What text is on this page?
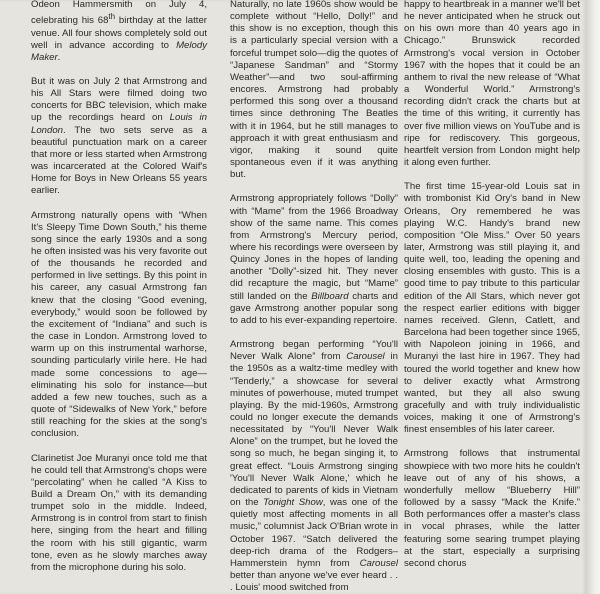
Odeon Hammersmith on July 4, celebrating his 68th birthday at the latter venue. All four shows completely sold out well in advance according to Melody Maker.

But it was on July 2 that Armstrong and his All Stars were filmed doing two concerts for BBC television, which make up the recordings heard on Louis in London. The two sets serve as a beautiful punctuation mark on a career that more or less started when Armstrong was incarcerated at the Colored Waif's Home for Boys in New Orleans 55 years earlier.

Armstrong naturally opens with “When It's Sleepy Time Down South,” his theme song since the early 1930s and a song he often insisted was his very favorite out of the thousands he recorded and performed in live settings. By this point in his career, any casual Armstrong fan knew that the closing “Good evening, everybody,” would soon be followed by the excitement of “Indiana” and such is the case in London. Armstrong loved to warm up on this instrumental warhorse, sounding particularly virile here. He had made some concessions to age—eliminating his solo for instance—but added a few new touches, such as a quote of “Sidewalks of New York,” before still reaching for the skies at the song's conclusion.

Clarinetist Joe Muranyi once told me that he could tell that Armstrong's chops were “percolating” when he called “A Kiss to Build a Dream On,” with its demanding trumpet solo in the middle. Indeed, Armstrong is in control from start to finish here, singing from the heart and filling the room with his still gigantic, warm tone, even as he slowly marches away from the microphone during his solo.

Naturally, no late 1960s show would be complete without “Hello, Dolly!” and this show is no exception, though this is a particularly special version with a forceful trumpet solo—dig the quotes of “Japanese Sandman” and “Stormy Weather”—and two soul-affirming encores. Armstrong had probably performed this song over a thousand times since dethroning The Beatles with it in 1964, but he still manages to approach it with great enthusiasm and vigor, making it sound quite spontaneous even if it was anything but.

Armstrong appropriately follows “Dolly” with “Mame” from the 1966 Broadway show of the same name. This comes from Armstrong's Mercury period, where his recordings were overseen by Quincy Jones in the hopes of landing another “Dolly”-sized hit. They never did recapture the magic, but “Mame” still landed on the Billboard charts and gave Armstrong another popular song to add to his ever-expanding repertoire.

Armstrong began performing “You'll Never Walk Alone” from Carousel in the 1950s as a waltz-time medley with “Tenderly,” a showcase for several minutes of powerhouse, muted trumpet playing. By the mid-1960s, Armstrong could no longer execute the demands necessitated by “You'll Never Walk Alone” on the trumpet, but he loved the song so much, he began singing it, to great effect. “Louis Armstrong singing 'You'll Never Walk Alone,' which he dedicated to parents of kids in Vietnam on the Tonight Show, was one of the quietly most affecting moments in all music,” columnist Jack O'Brian wrote in October 1967. “Satch delivered the deep-rich drama of the Rodgers–Hammerstein hymn from Carousel better than anyone we've ever heard . . . Louis' mood switched from

happy to heartbreak in a manner we'll bet he never anticipated when he struck out on his own more than 40 years ago in Chicago.” Brunswick recorded Armstrong's vocal version in October 1967 with the hopes that it could be an anthem to rival the new release of “What a Wonderful World.” Armstrong's recording didn't crack the charts but at the time of this writing, it currently has over five million views on YouTube and is ripe for rediscovery. This gorgeous, heartfelt version from London might help it along even further.

The first time 15-year-old Louis sat in with trombonist Kid Ory's band in New Orleans, Ory remembered he was playing W.C. Handy's brand new composition “Ole Miss.” Over 50 years later, Armstrong was still playing it, and quite well, too, leading the opening and closing ensembles with gusto. This is a good time to pay tribute to this particular edition of the All Stars, which never got the respect earlier editions with bigger names received. Glenn, Catlett, and Barcelona had been together since 1965, with Napoleon joining in 1966, and Muranyi the last hire in 1967. They had toured the world together and knew how to deliver exactly what Armstrong wanted, but they all also swung gracefully and with truly individualistic voices, making it one of Armstrong's finest ensembles of his later career.

Armstrong follows that instrumental showpiece with two more hits he couldn't leave out of any of his shows, a wonderfully mellow “Blueberry Hill” followed by a sassy “Mack the Knife.” Both performances offer a master's class in vocal phrases, while the latter featuring some searing trumpet playing at the start, especially a surprising second chorus
